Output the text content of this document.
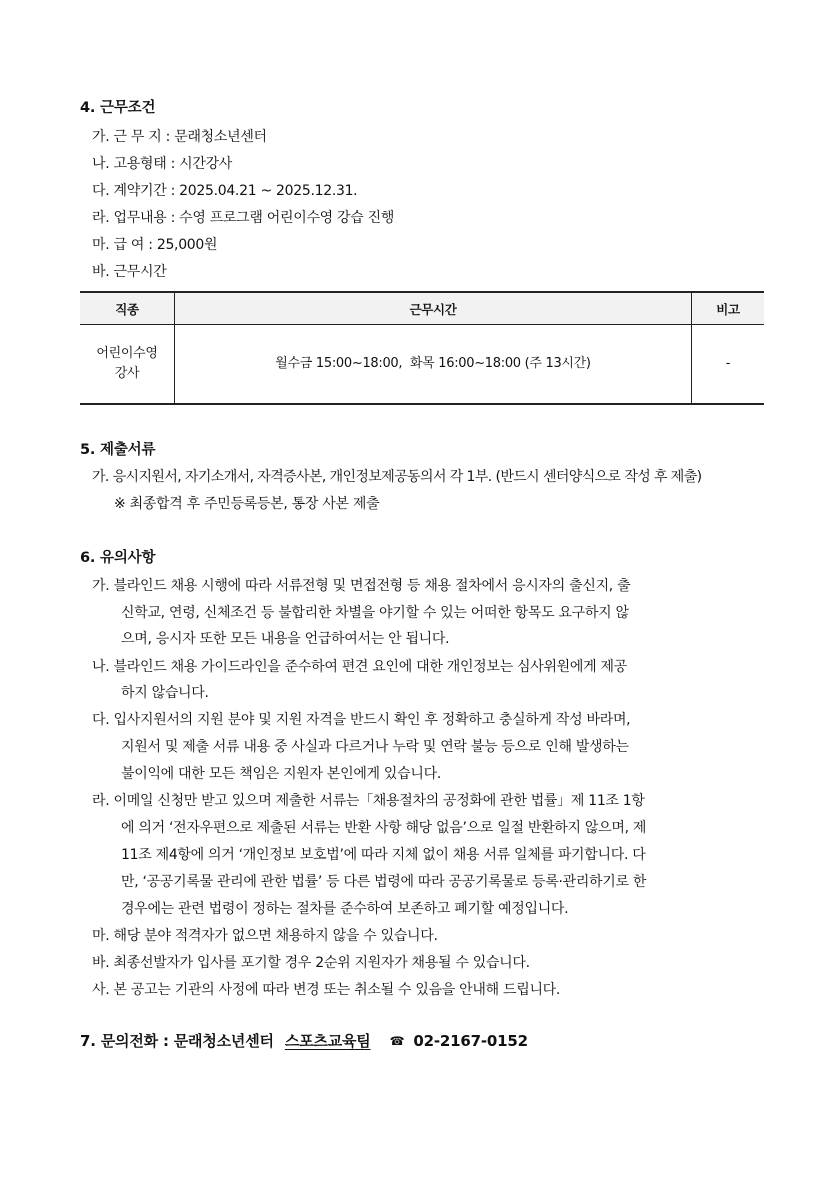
4. 근무조건
가. 근 무 지 : 문래청소년센터
나. 고용형태 : 시간강사
다. 계약기간 : 2025.04.21 ~ 2025.12.31.
라. 업무내용 : 수영 프로그램 어린이수영 강습 진행
마. 급 여 : 25,000원
바. 근무시간
직종	근무시간	비고
어린이수영
강사	월수금 15:00~18:00,  화목 16:00~18:00 (주 13시간)	-
5. 제출서류
가. 응시지원서, 자기소개서, 자격증사본, 개인정보제공동의서 각 1부. (반드시 센터양식으로 작성 후 제출)
※ 최종합격 후 주민등록등본, 통장 사본 제출
6. 유의사항
가. 블라인드 채용 시행에 따라 서류전형 및 면접전형 등 채용 절차에서 응시자의 출신지, 출
신학교, 연령, 신체조건 등 불합리한 차별을 야기할 수 있는 어떠한 항목도 요구하지 않
으며, 응시자 또한 모든 내용을 언급하여서는 안 됩니다.
나. 블라인드 채용 가이드라인을 준수하여 편견 요인에 대한 개인정보는 심사위원에게 제공
하지 않습니다.
다. 입사지원서의 지원 분야 및 지원 자격을 반드시 확인 후 정확하고 충실하게 작성 바라며,
지원서 및 제출 서류 내용 중 사실과 다르거나 누락 및 연락 불능 등으로 인해 발생하는
불이익에 대한 모든 책임은 지원자 본인에게 있습니다.
라. 이메일 신청만 받고 있으며 제출한 서류는「채용절차의 공정화에 관한 법률」제 11조 1항
에 의거 ‘전자우편으로 제출된 서류는 반환 사항 해당 없음’으로 일절 반환하지 않으며, 제
11조 제4항에 의거 ‘개인정보 보호법’에 따라 지체 없이 채용 서류 일체를 파기합니다. 다
만, ‘공공기록물 관리에 관한 법률’ 등 다른 법령에 따라 공공기록물로 등록·관리하기로 한
경우에는 관련 법령이 정하는 절차를 준수하여 보존하고 폐기할 예정입니다.
마. 해당 분야 적격자가 없으면 채용하지 않을 수 있습니다.
바. 최종선발자가 입사를 포기할 경우 2순위 지원자가 채용될 수 있습니다.
사. 본 공고는 기관의 사정에 따라 변경 또는 취소될 수 있음을 안내해 드립니다.
7. 문의전화 : 문래청소년센터 스포츠교육팀 ☎ 02-2167-0152
